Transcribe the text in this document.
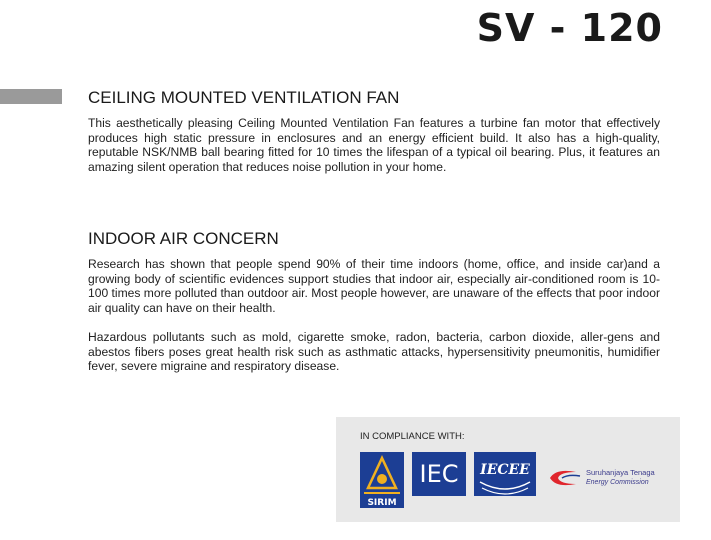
SV - 120
CEILING MOUNTED VENTILATION FAN

This aesthetically pleasing Ceiling Mounted Ventilation Fan features a turbine fan motor that effectively produces high static pressure in enclosures and an energy efficient build. It also has a high-quality, reputable NSK/NMB ball bearing fitted for 10 times the lifespan of a typical oil bearing. Plus, it features an amazing silent operation that reduces noise pollution in your home.

INDOOR AIR CONCERN

Research has shown that people spend 90% of their time indoors (home, office, and inside car)and a growing body of scientific evidences support studies that indoor air, especially air-conditioned room is 10-100 times more polluted than outdoor air. Most people however, are unaware of the effects that poor indoor air quality can have on their health.

Hazardous pollutants such as mold, cigarette smoke, radon, bacteria, carbon dioxide, aller-gens and abestos fibers poses great health risk such as asthmatic attacks, hypersensitivity pneumonitis, humidifier fever, severe migraine and respiratory disease.

IN COMPLIANCE WITH:
SIRIM
IEC	IECEE	Suruhanjaya Tenaga
Energy Commission
